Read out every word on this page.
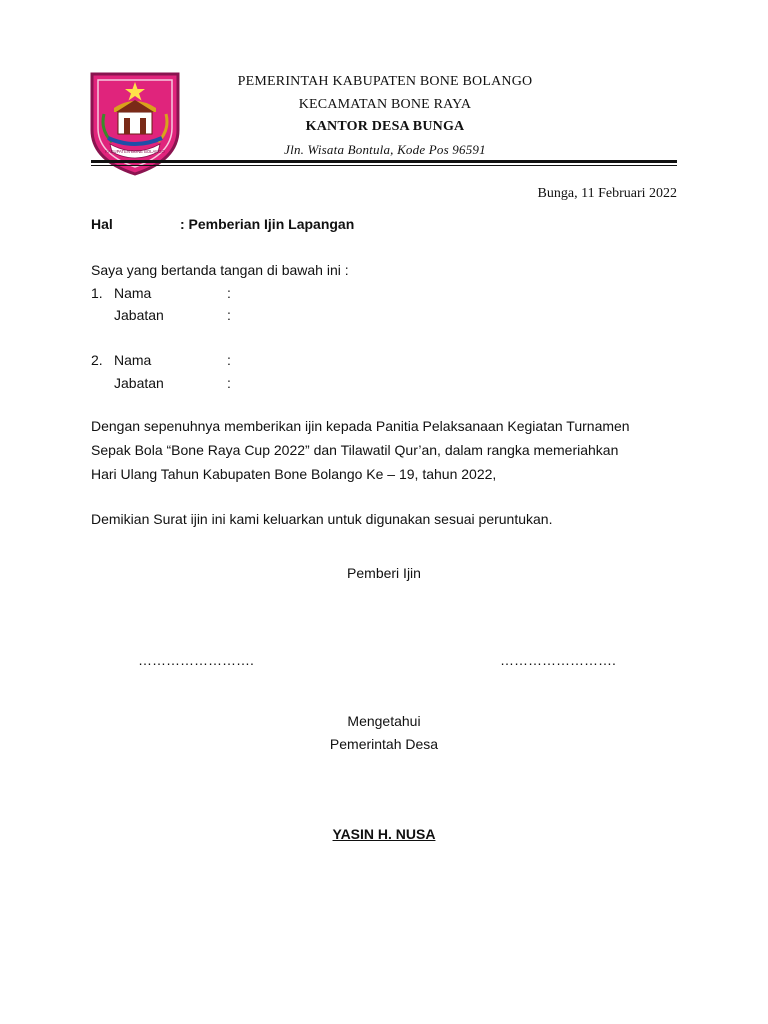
KABUPATEN BONE BOLANGO
PEMERINTAH KABUPATEN BONE BOLANGO
KECAMATAN BONE RAYA
KANTOR DESA BUNGA
Jln. Wisata Bontula, Kode Pos 96591
Bunga, 11 Februari 2022
Hal	: Pemberian Ijin Lapangan
Saya yang bertanda tangan di bawah ini :
1. Nama	:
Jabatan	:
2. Nama	:
Jabatan	:
Dengan sepenuhnya memberikan ijin kepada Panitia Pelaksanaan Kegiatan Turnamen
Sepak Bola “Bone Raya Cup 2022” dan Tilawatil Qur’an, dalam rangka memeriahkan
Hari Ulang Tahun Kabupaten Bone Bolango Ke – 19, tahun 2022,
Demikian Surat ijin ini kami keluarkan untuk digunakan sesuai peruntukan.
Pemberi Ijin
…………………….	…………………….
Mengetahui
Pemerintah Desa
YASIN H. NUSA
